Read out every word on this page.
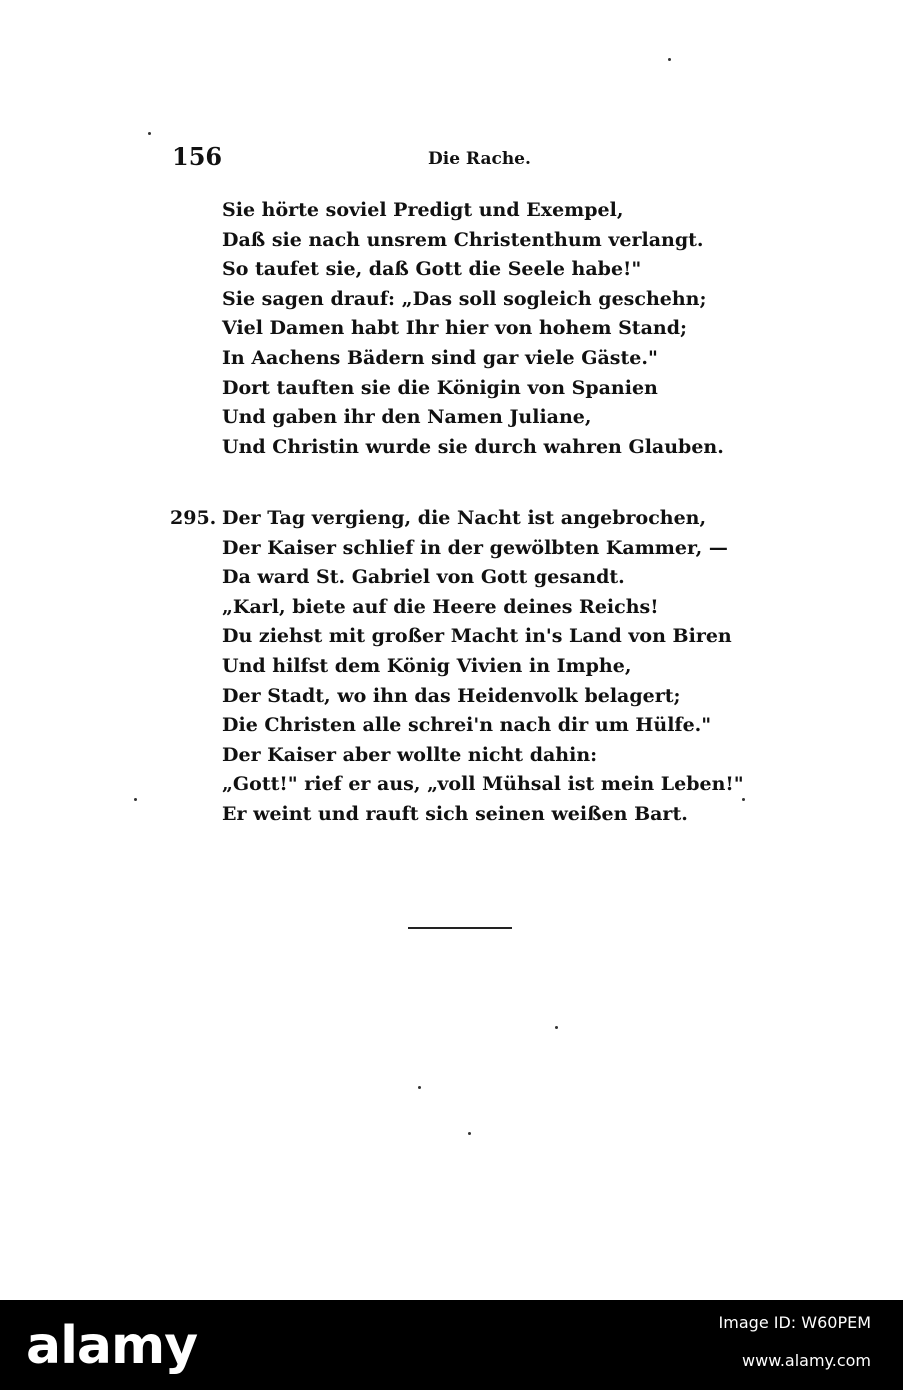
156	Die Rache.
Sie hörte soviel Predigt und Exempel,
Daß sie nach unsrem Christenthum verlangt.
So taufet sie, daß Gott die Seele habe!"
Sie sagen drauf: „Das soll sogleich geschehn;
Viel Damen habt Ihr hier von hohem Stand;
In Aachens Bädern sind gar viele Gäste."
Dort tauften sie die Königin von Spanien
Und gaben ihr den Namen Juliane,
Und Christin wurde sie durch wahren Glauben.
295. Der Tag vergieng, die Nacht ist angebrochen,
Der Kaiser schlief in der gewölbten Kammer, —
Da ward St. Gabriel von Gott gesandt.
„Karl, biete auf die Heere deines Reichs!
Du ziehst mit großer Macht in's Land von Biren
Und hilfst dem König Vivien in Imphe,
Der Stadt, wo ihn das Heidenvolk belagert;
Die Christen alle schrei'n nach dir um Hülfe."
Der Kaiser aber wollte nicht dahin:
„Gott!" rief er aus, „voll Mühsal ist mein Leben!"
Er weint und rauft sich seinen weißen Bart.
alamy	Image ID: W60PEM
www.alamy.com
